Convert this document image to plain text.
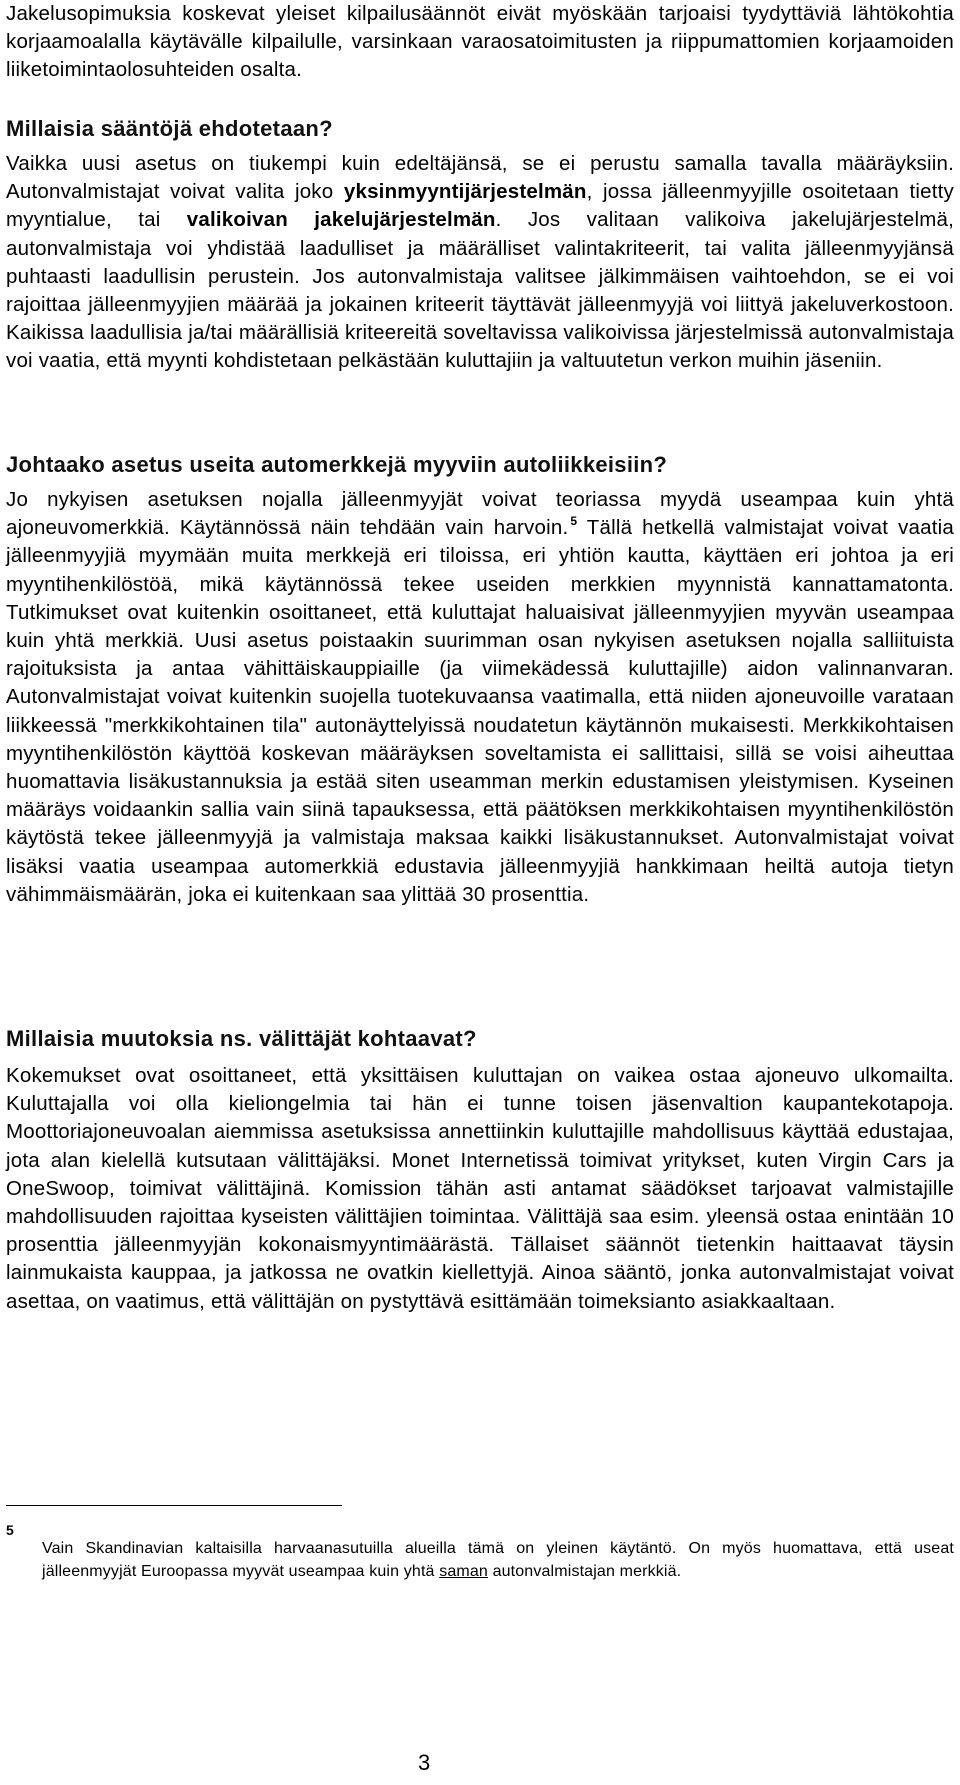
Jakelusopimuksia koskevat yleiset kilpailusäännöt eivät myöskään tarjoaisi tyydyttäviä lähtökohtia korjaamoalalla käytävälle kilpailulle, varsinkaan varaosatoimitusten ja riippumattomien korjaamoiden liiketoimintaolosuhteiden osalta.

Millaisia sääntöjä ehdotetaan?

Vaikka uusi asetus on tiukempi kuin edeltäjänsä, se ei perustu samalla tavalla määräyksiin. Autonvalmistajat voivat valita joko yksinmyyntijärjestelmän, jossa jälleenmyyjille osoitetaan tietty myyntialue, tai valikoivan jakelujärjestelmän. Jos valitaan valikoiva jakelujärjestelmä, autonvalmistaja voi yhdistää laadulliset ja määrälliset valintakriteerit, tai valita jälleenmyyjänsä puhtaasti laadullisin perustein. Jos autonvalmistaja valitsee jälkimmäisen vaihtoehdon, se ei voi rajoittaa jälleenmyyjien määrää ja jokainen kriteerit täyttävät jälleenmyyjä voi liittyä jakeluverkostoon. Kaikissa laadullisia ja/tai määrällisiä kriteereitä soveltavissa valikoivissa järjestelmissä autonvalmistaja voi vaatia, että myynti kohdistetaan pelkästään kuluttajiin ja valtuutetun verkon muihin jäseniin.

Johtaako asetus useita automerkkejä myyviin autoliikkeisiin?

Jo nykyisen asetuksen nojalla jälleenmyyjät voivat teoriassa myydä useampaa kuin yhtä ajoneuvomerkkiä. Käytännössä näin tehdään vain harvoin. $^5$ Tällä hetkellä valmistajat voivat vaatia jälleenmyyjiä myymään muita merkkejä eri tiloissa, eri yhtiön kautta, käyttäen eri johtoa ja eri myyntihenkilöstöä, mikä käytännössä tekee useiden merkkien myynnistä kannattamatonta. Tutkimukset ovat kuitenkin osoittaneet, että kuluttajat haluaisivat jälleenmyyjien myyvän useampaa kuin yhtä merkkiä. Uusi asetus poistaakin suurimman osan nykyisen asetuksen nojalla salliituista rajoituksista ja antaa vähittäiskauppiaille (ja viimekädessä kuluttajille) aidon valinnanvaran. Autonvalmistajat voivat kuitenkin suojella tuotekuvaansa vaatimalla, että niiden ajoneuvoille varataan liikkeessä "merkkikohtainen tila" autonäyttelyissä noudatetun käytännön mukaisesti. Merkkikohtaisen myyntihenkilöstön käyttöä koskevan määräyksen soveltamista ei sallittaisi, sillä se voisi aiheuttaa huomattavia lisäkustannuksia ja estää siten useamman merkin edustamisen yleistymisen. Kyseinen määräys voidaankin sallia vain siinä tapauksessa, että päätöksen merkkikohtaisen myyntihenkilöstön käytöstä tekee jälleenmyyjä ja valmistaja maksaa kaikki lisäkustannukset. Autonvalmistajat voivat lisäksi vaatia useampaa automerkkiä edustavia jälleenmyyjiä hankkimaan heiltä autoja tietyn vähimmäismäärän, joka ei kuitenkaan saa ylittää 30 prosenttia.

Millaisia muutoksia ns. välittäjät kohtaavat?

Kokemukset ovat osoittaneet, että yksittäisen kuluttajan on vaikea ostaa ajoneuvo ulkomailta. Kuluttajalla voi olla kieliongelmia tai hän ei tunne toisen jäsenvaltion kaupantekotapoja. Moottoriajoneuvoalan aiemmissa asetuksissa annettiinkin kuluttajille mahdollisuus käyttää edustajaa, jota alan kielellä kutsutaan välittäjäksi. Monet Internetissä toimivat yritykset, kuten Virgin Cars ja OneSwoop, toimivat välittäjinä. Komission tähän asti antamat säädökset tarjoavat valmistajille mahdollisuuden rajoittaa kyseisten välittäjien toimintaa. Välittäjä saa esim. yleensä ostaa enintään 10 prosenttia jälleenmyyjän kokonaismyyntimäärästä. Tällaiset säännöt tietenkin haittaavat täysin lainmukaista kauppaa, ja jatkossa ne ovatkin kiellettyjä. Ainoa sääntö, jonka autonvalmistajat voivat asettaa, on vaatimus, että välittäjän on pystyttävä esittämään toimeksianto asiakkaaltaan.

5

Vain Skandinavian kaltaisilla harvaanasutuilla alueilla tämä on yleinen käytäntö. On myös huomattava, että useat jälleenmyyjät Euroopassa myyvät useampaa kuin yhtä saman autonvalmistajan merkkiä.

3
